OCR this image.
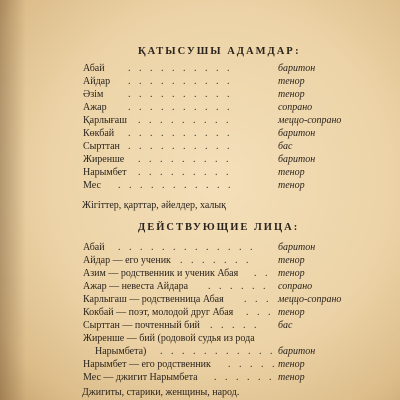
ҚАТЫСУШЫ АДАМДАР:
Абай . . . . . . . . . .	баритон
Айдар . . . . . . . . . .	тенор
Әзім . . . . . . . . . .	тенор
Ажар . . . . . . . . . .	сопрано
Қарлығаш . . . . . . . . .	меццо-сопрано
Көкбай . . . . . . . . . .	баритон
Сырттан . . . . . . . . . .	бас
Жиренше . . . . . . . . .	баритон
Нарымбет . . . . . . . . .	тенор
Мес . . . . . . . . . . .	тенор
Жігіттер, қарттар, әйелдер, халық
ДЕЙСТВУЮЩИЕ ЛИЦА:
Абай . . . . . . . . . . . . . баритон
Айдар — его ученик . . . . . . .	тенор
Азим — родственник и ученик Абая . . тенор
Ажар — невеста Айдара . . . . . . сопрано
Карлыгаш — родственница Абая . . . меццо-сопрано
Кокбай — поэт, молодой друг Абая . . . тенор
Сырттан — почтенный бий . . . . . бас
Жиренше — бий (родовой судья из рода
Нарымбета) . . . . . . . . . . . баритон
Нарымбет — его родственник . . . . . тенор
Мес — джигит Нарымбета . . . . . . тенор
Джигиты, старики, женщины, народ.
